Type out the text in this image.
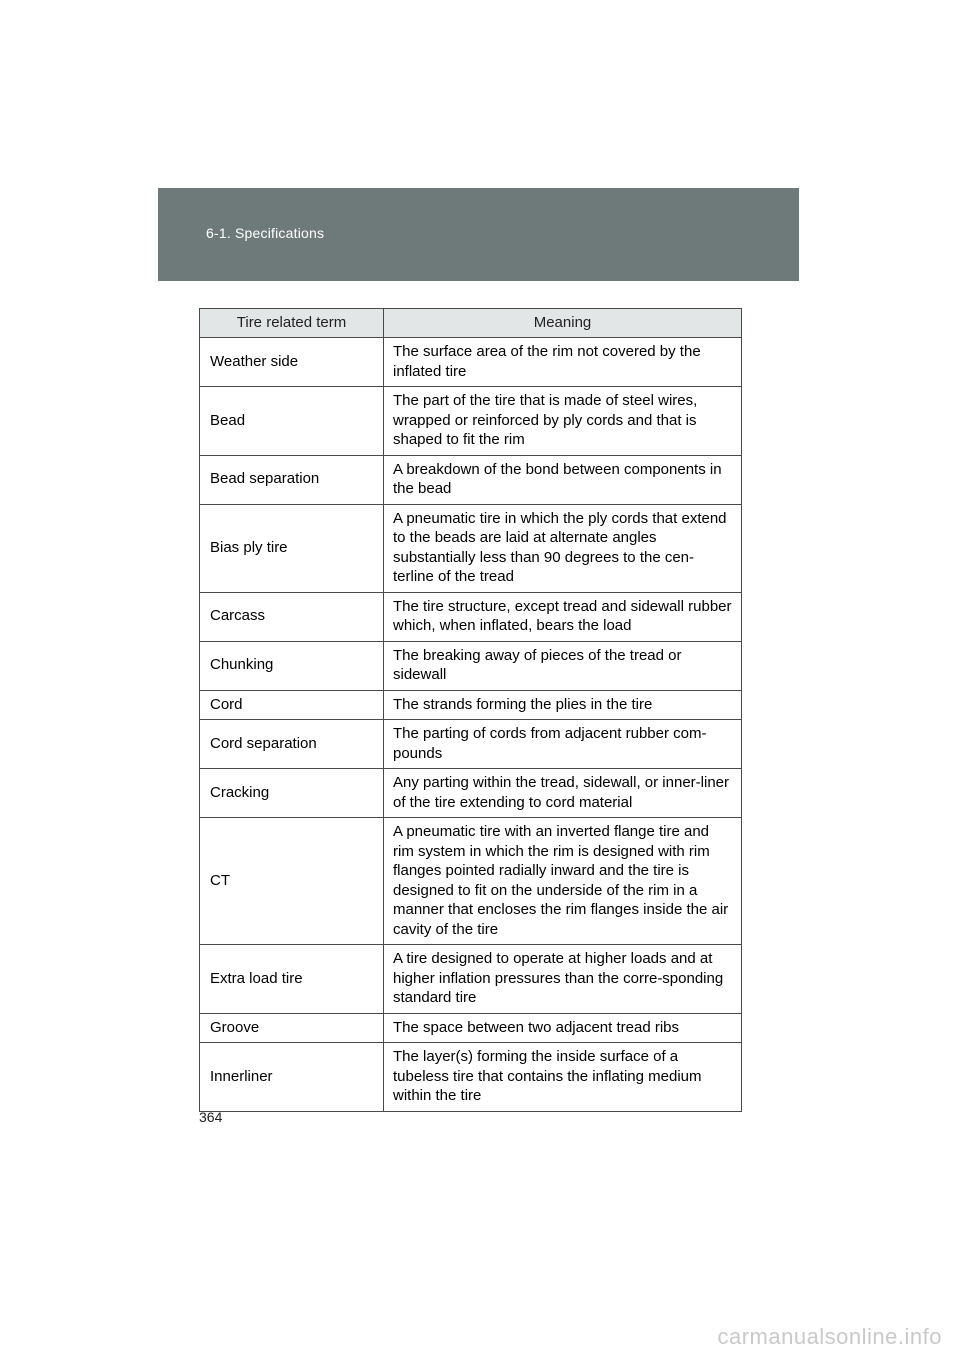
6-1. Specifications
Tire related term	Meaning
Weather side	The surface area of the rim not covered by the inflated tire
Bead	The part of the tire that is made of steel wires, wrapped or reinforced by ply cords and that is shaped to fit the rim
Bead separation	A breakdown of the bond between components in the bead
Bias ply tire	A pneumatic tire in which the ply cords that extend to the beads are laid at alternate angles substantially less than 90 degrees to the cen-terline of the tread
Carcass	The tire structure, except tread and sidewall rubber which, when inflated, bears the load
Chunking	The breaking away of pieces of the tread or sidewall
Cord	The strands forming the plies in the tire
Cord separation	The parting of cords from adjacent rubber com-pounds
Cracking	Any parting within the tread, sidewall, or inner-liner of the tire extending to cord material
CT	A pneumatic tire with an inverted flange tire and rim system in which the rim is designed with rim flanges pointed radially inward and the tire is designed to fit on the underside of the rim in a manner that encloses the rim flanges inside the air cavity of the tire
Extra load tire	A tire designed to operate at higher loads and at higher inflation pressures than the corre-sponding standard tire
Groove	The space between two adjacent tread ribs
Innerliner	The layer(s) forming the inside surface of a tubeless tire that contains the inflating medium within the tire
364
carmanualsonline.info
